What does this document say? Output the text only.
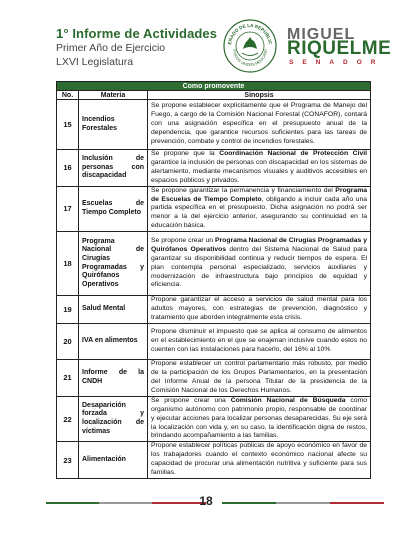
1° Informe de Actividades
Primer Año de Ejercicio
LXVI Legislatura
ENADO DE LA REPÚBLIC
STADOS UNIDOS MEXICANO
MIGUEL
RIQUELME
SENADOR
Como promovente		
No.	Materia	Sinopsis
15	Incendios Forestales	Se propone establecer explícitamente que el Programa de Manejo del Fuego, a cargo de la Comisión Nacional Forestal (CONAFOR), contará con una asignación específica en el presupuesto anual de la dependencia, que garantice recursos suficientes para las tareas de prevención, combate y control de incendios forestales.
16	Inclusión de personas con discapacidad	Se propone que la Coordinación Nacional de Protección Civil garantice la inclusión de personas con discapacidad en los sistemas de alertamiento, mediante mecanismos visuales y auditivos accesibles en espacios públicos y privados.
17	Escuelas de Tiempo Completo	Se propone garantizar la permanencia y financiamiento del Programa de Escuelas de Tiempo Completo, obligando a incluir cada año una partida específica en el presupuesto. Dicha asignación no podrá ser menor a la del ejercicio anterior, asegurando su continuidad en la educación básica.
18	Programa Nacional de Cirugías Programadas y Quirófanos Operativos	Se propone crear un Programa Nacional de Cirugías Programadas y Quirófanos Operativos dentro del Sistema Nacional de Salud para garantizar su disponibilidad continua y reducir tiempos de espera. El plan contempla personal especializado, servicios auxiliares y modernización de infraestructura bajo principios de equidad y eficiencia.
19	Salud Mental	Propone garantizar el acceso a servicios de salud mental para los adultos mayores, con estrategias de prevención, diagnóstico y tratamiento que aborden integralmente esta crisis.
20	IVA en alimentos	Propone disminuir el impuesto que se aplica al consumo de alimentos en el establecimiento en el que se enajenan inclusive cuando estos no cuenten con las instalaciones para hacerlo, del 16% al 10%
21	Informe de la CNDH	Propone establecer un control parlamentario más robusto, por medio de la participación de los Grupos Parlamentarios, en la presentación del Informe Anual de la persona Titular de la presidencia de la Comisión Nacional de los Derechos Humanos.
22	Desaparición forzada y localización de víctimas	Se propone crear una Comisión Nacional de Búsqueda como organismo autónomo con patrimonio propio, responsable de coordinar y ejecutar acciones para localizar personas desaparecidas. Su eje será la localización con vida y, en su caso, la identificación digna de restos, brindando acompañamiento a las familias.
23	Alimentación	Propone establecer políticas públicas de apoyo económico en favor de los trabajadores cuando el contexto económico nacional afecte su capacidad de procurar una alimentación nutritiva y suficiente para sus familias.
18
